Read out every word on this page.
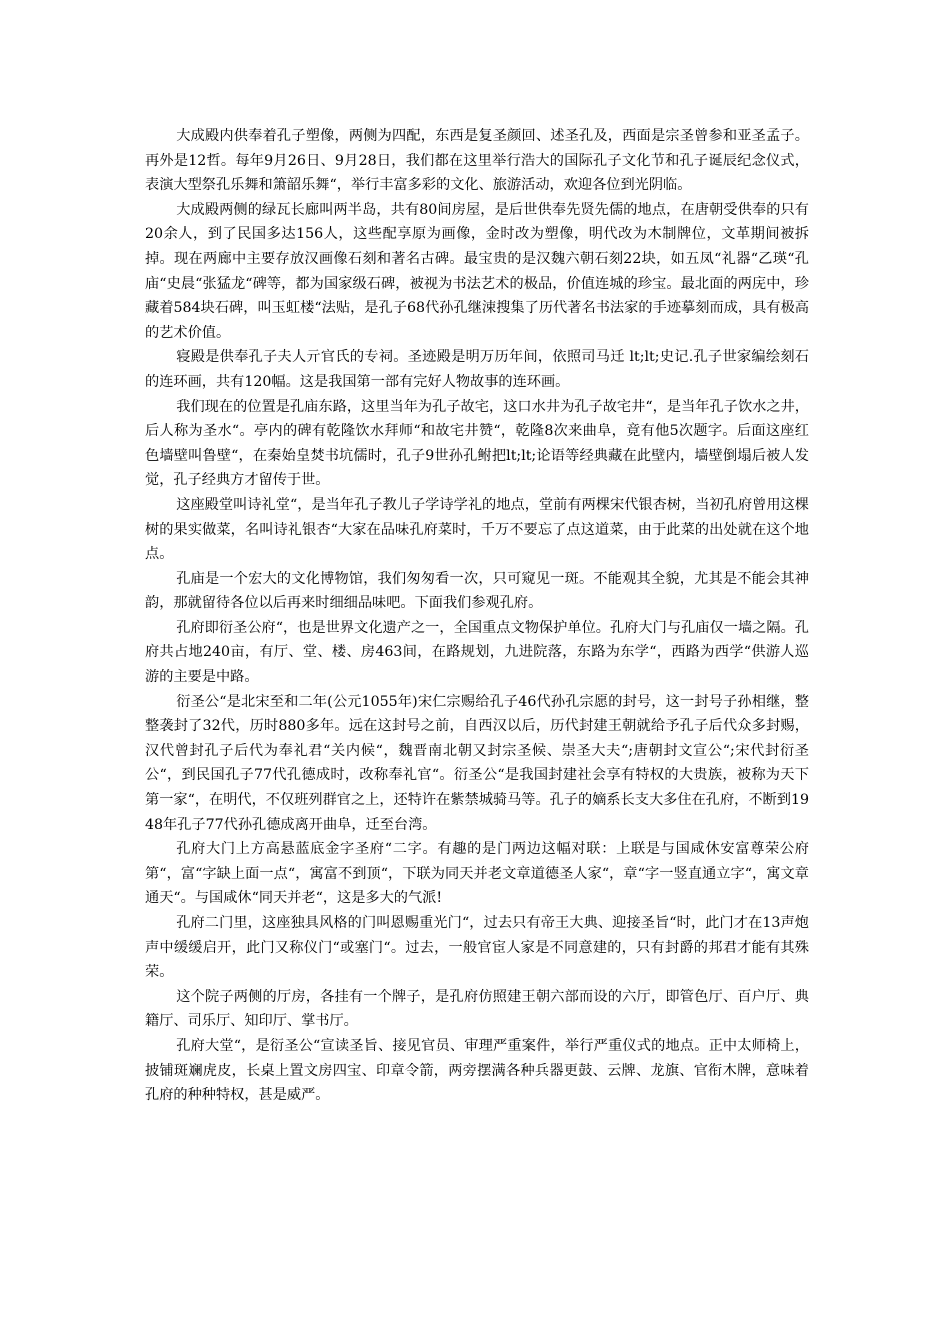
大成殿内供奉着孔子塑像，两侧为四配，东西是复圣颜回、述圣孔及，西面是宗圣曾参和亚圣孟子。再外是12哲。每年9月26日、9月28日，我们都在这里举行浩大的国际孔子文化节和孔子诞辰纪念仪式，表演大型祭孔乐舞和箫韶乐舞“，举行丰富多彩的文化、旅游活动，欢迎各位到光阴临。

大成殿两侧的绿瓦长廊叫两半岛，共有80间房屋，是后世供奉先贤先儒的地点，在唐朝受供奉的只有20余人，到了民国多达156人，这些配享原为画像，金时改为塑像，明代改为木制牌位，文革期间被拆掉。现在两廊中主要存放汉画像石刻和著名古碑。最宝贵的是汉魏六朝石刻22块，如五凤“礼器“乙瑛“孔庙“史晨“张猛龙“碑等，都为国家级石碑，被视为书法艺术的极品，价值连城的珍宝。最北面的两庑中，珍藏着584块石碑，叫玉虹楼“法贴，是孔子68代孙孔继涑搜集了历代著名书法家的手迹摹刻而成，具有极高的艺术价值。

寝殿是供奉孔子夫人亓官氏的专祠。圣迹殿是明万历年间，依照司马迁 lt;lt;史记.孔子世家编绘刻石的连环画，共有120幅。这是我国第一部有完好人物故事的连环画。

我们现在的位置是孔庙东路，这里当年为孔子故宅，这口水井为孔子故宅井“，是当年孔子饮水之井，后人称为圣水“。亭内的碑有乾隆饮水拜师“和故宅井赞“，乾隆8次来曲阜，竟有他5次题字。后面这座红色墙壁叫鲁壁“，在秦始皇焚书坑儒时，孔子9世孙孔鲋把lt;lt;论语等经典藏在此壁内，墙壁倒塌后被人发觉，孔子经典方才留传于世。

这座殿堂叫诗礼堂“，是当年孔子教儿子学诗学礼的地点，堂前有两棵宋代银杏树，当初孔府曾用这棵树的果实做菜，名叫诗礼银杏“大家在品味孔府菜时，千万不要忘了点这道菜，由于此菜的出处就在这个地点。

孔庙是一个宏大的文化博物馆，我们匆匆看一次，只可窥见一斑。不能观其全貌，尤其是不能会其神韵，那就留待各位以后再来时细细品味吧。下面我们参观孔府。

孔府即衍圣公府“，也是世界文化遗产之一，全国重点文物保护单位。孔府大门与孔庙仅一墙之隔。孔府共占地240亩，有厅、堂、楼、房463间，在路规划，九进院落，东路为东学“，西路为西学“供游人巡游的主要是中路。

衍圣公“是北宋至和二年(公元1055年)宋仁宗赐给孔子46代孙孔宗愿的封号，这一封号子孙相继，整整袭封了32代，历时880多年。远在这封号之前，自西汉以后，历代封建王朝就给予孔子后代众多封赐，汉代曾封孔子后代为奉礼君“关内候“，魏晋南北朝又封宗圣候、崇圣大夫“;唐朝封文宣公“;宋代封衍圣公“，到民国孔子77代孔德成时，改称奉礼官“。衍圣公“是我国封建社会享有特权的大贵族，被称为天下第一家“，在明代，不仅班列群官之上，还特许在紫禁城骑马等。孔子的嫡系长支大多住在孔府，不断到1948年孔子77代孙孔德成离开曲阜，迁至台湾。

孔府大门上方高悬蓝底金字圣府“二字。有趣的是门两边这幅对联：上联是与国咸休安富尊荣公府第“，富“字缺上面一点“，寓富不到顶“，下联为同天并老文章道德圣人家“，章“字一竖直通立字“，寓文章通天“。与国咸休“同天并老“，这是多大的气派!

孔府二门里，这座独具风格的门叫恩赐重光门“，过去只有帝王大典、迎接圣旨“时，此门才在13声炮声中缓缓启开，此门又称仪门“或塞门“。过去，一般官宦人家是不同意建的，只有封爵的邦君才能有其殊荣。

这个院子两侧的厅房，各挂有一个牌子，是孔府仿照建王朝六部而设的六厅，即管色厅、百户厅、典籍厅、司乐厅、知印厅、掌书厅。

孔府大堂“，是衍圣公“宣读圣旨、接见官员、审理严重案件，举行严重仪式的地点。正中太师椅上，披铺斑斓虎皮，长桌上置文房四宝、印章令箭，两旁摆满各种兵器更鼓、云牌、龙旗、官衔木牌，意味着孔府的种种特权，甚是威严。
